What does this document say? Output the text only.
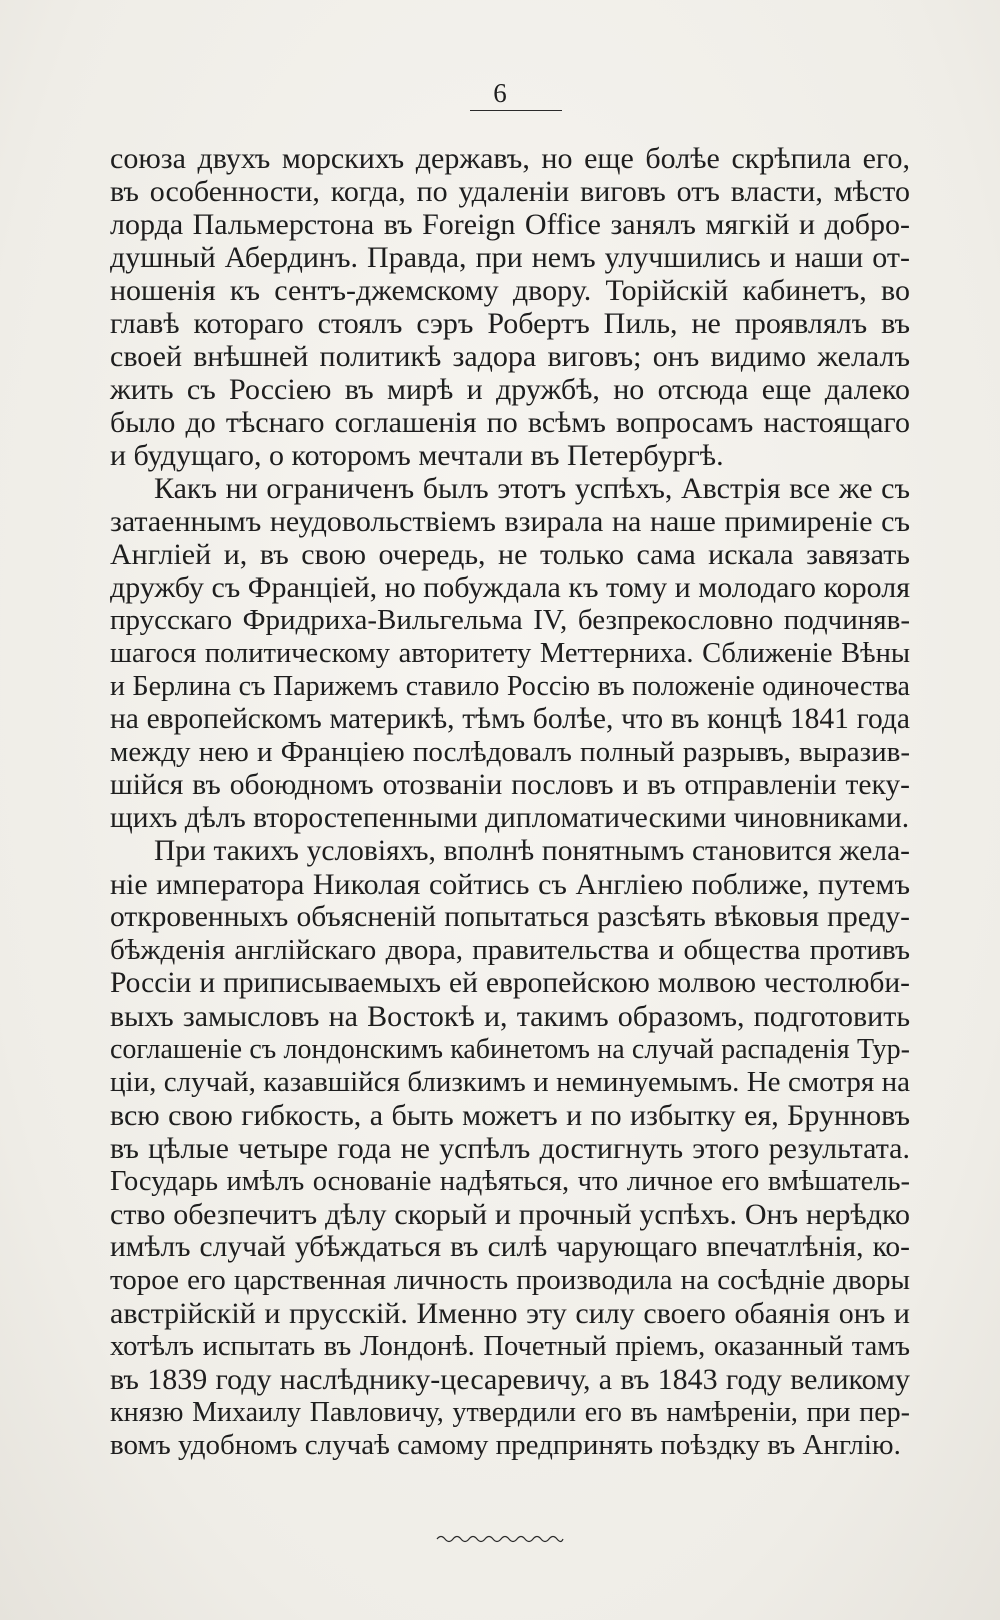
6
союза двухъ морскихъ державъ, но еще болѣе скрѣпила его,
въ особенности, когда, по удаленіи виговъ отъ власти, мѣсто
лорда Пальмерстона въ Foreign Office занялъ мягкій и добро-
душный Абердинъ. Правда, при немъ улучшились и наши от-
ношенія къ сентъ-джемскому двору. Торійскій кабинетъ, во
главѣ котораго стоялъ сэръ Робертъ Пиль, не проявлялъ въ
своей внѣшней политикѣ задора виговъ; онъ видимо желалъ
жить съ Россіею въ мирѣ и дружбѣ, но отсюда еще далеко
было до тѣснаго соглашенія по всѣмъ вопросамъ настоящаго
и будущаго, о которомъ мечтали въ Петербургѣ.
Какъ ни ограниченъ былъ этотъ успѣхъ, Австрія все же съ
затаеннымъ неудовольствіемъ взирала на наше примиреніе съ
Англіей и, въ свою очередь, не только сама искала завязать
дружбу съ Франціей, но побуждала къ тому и молодаго короля
прусскаго Фридриха-Вильгельма IV, безпрекословно подчиняв-
шагося политическому авторитету Меттерниха. Сближеніе Вѣны
и Берлина съ Парижемъ ставило Россію въ положеніе одиночества
на европейскомъ материкѣ, тѣмъ болѣе, что въ концѣ 1841 года
между нею и Франціею послѣдовалъ полный разрывъ, выразив-
шійся въ обоюдномъ отозваніи пословъ и въ отправленіи теку-
щихъ дѣлъ второстепенными дипломатическими чиновниками.
При такихъ условіяхъ, вполнѣ понятнымъ становится жела-
ніе императора Николая сойтись съ Англіею поближе, путемъ
откровенныхъ объясненій попытаться разсѣять вѣковыя преду-
бѣжденія англійскаго двора, правительства и общества противъ
Россіи и приписываемыхъ ей европейскою молвою честолюби-
выхъ замысловъ на Востокѣ и, такимъ образомъ, подготовить
соглашеніе съ лондонскимъ кабинетомъ на случай распаденія Тур-
ціи, случай, казавшійся близкимъ и неминуемымъ. Не смотря на
всю свою гибкость, а быть можетъ и по избытку ея, Брунновъ
въ цѣлые четыре года не успѣлъ достигнуть этого результата.
Государь имѣлъ основаніе надѣяться, что личное его вмѣшатель-
ство обезпечитъ дѣлу скорый и прочный успѣхъ. Онъ нерѣдко
имѣлъ случай убѣждаться въ силѣ чарующаго впечатлѣнія, ко-
торое его царственная личность производила на сосѣдніе дворы
австрійскій и прусскій. Именно эту силу своего обаянія онъ и
хотѣлъ испытать въ Лондонѣ. Почетный пріемъ, оказанный тамъ
въ 1839 году наслѣднику-цесаревичу, а въ 1843 году великому
князю Михаилу Павловичу, утвердили его въ намѣреніи, при пер-
вомъ удобномъ случаѣ самому предпринять поѣздку въ Англію.
